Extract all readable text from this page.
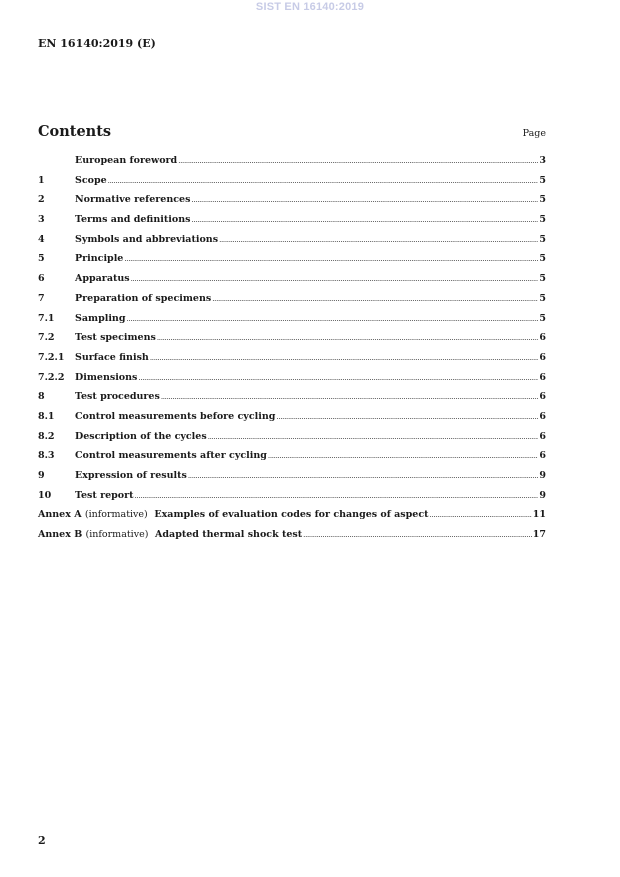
SIST EN 16140:2019
EN 16140:2019 (E)
Contents	Page
European foreword .....	3
1	Scope .....	5
2	Normative references .....	5
3	Terms and definitions .....	5
4	Symbols and abbreviations .....	5
5	Principle .....	5
6	Apparatus .....	5
7	Preparation of specimens .....	5
7.1	Sampling .....	5
7.2	Test specimens .....	6
7.2.1	Surface finish .....	6
7.2.2	Dimensions .....	6
8	Test procedures .....	6
8.1	Control measurements before cycling .....	6
8.2	Description of the cycles .....	6
8.3	Control measurements after cycling .....	6
9	Expression of results .....	9
10	Test report .....	9
Annex A (informative) Examples of evaluation codes for changes of aspect .....	11
Annex B (informative) Adapted thermal shock test .....	17
2
